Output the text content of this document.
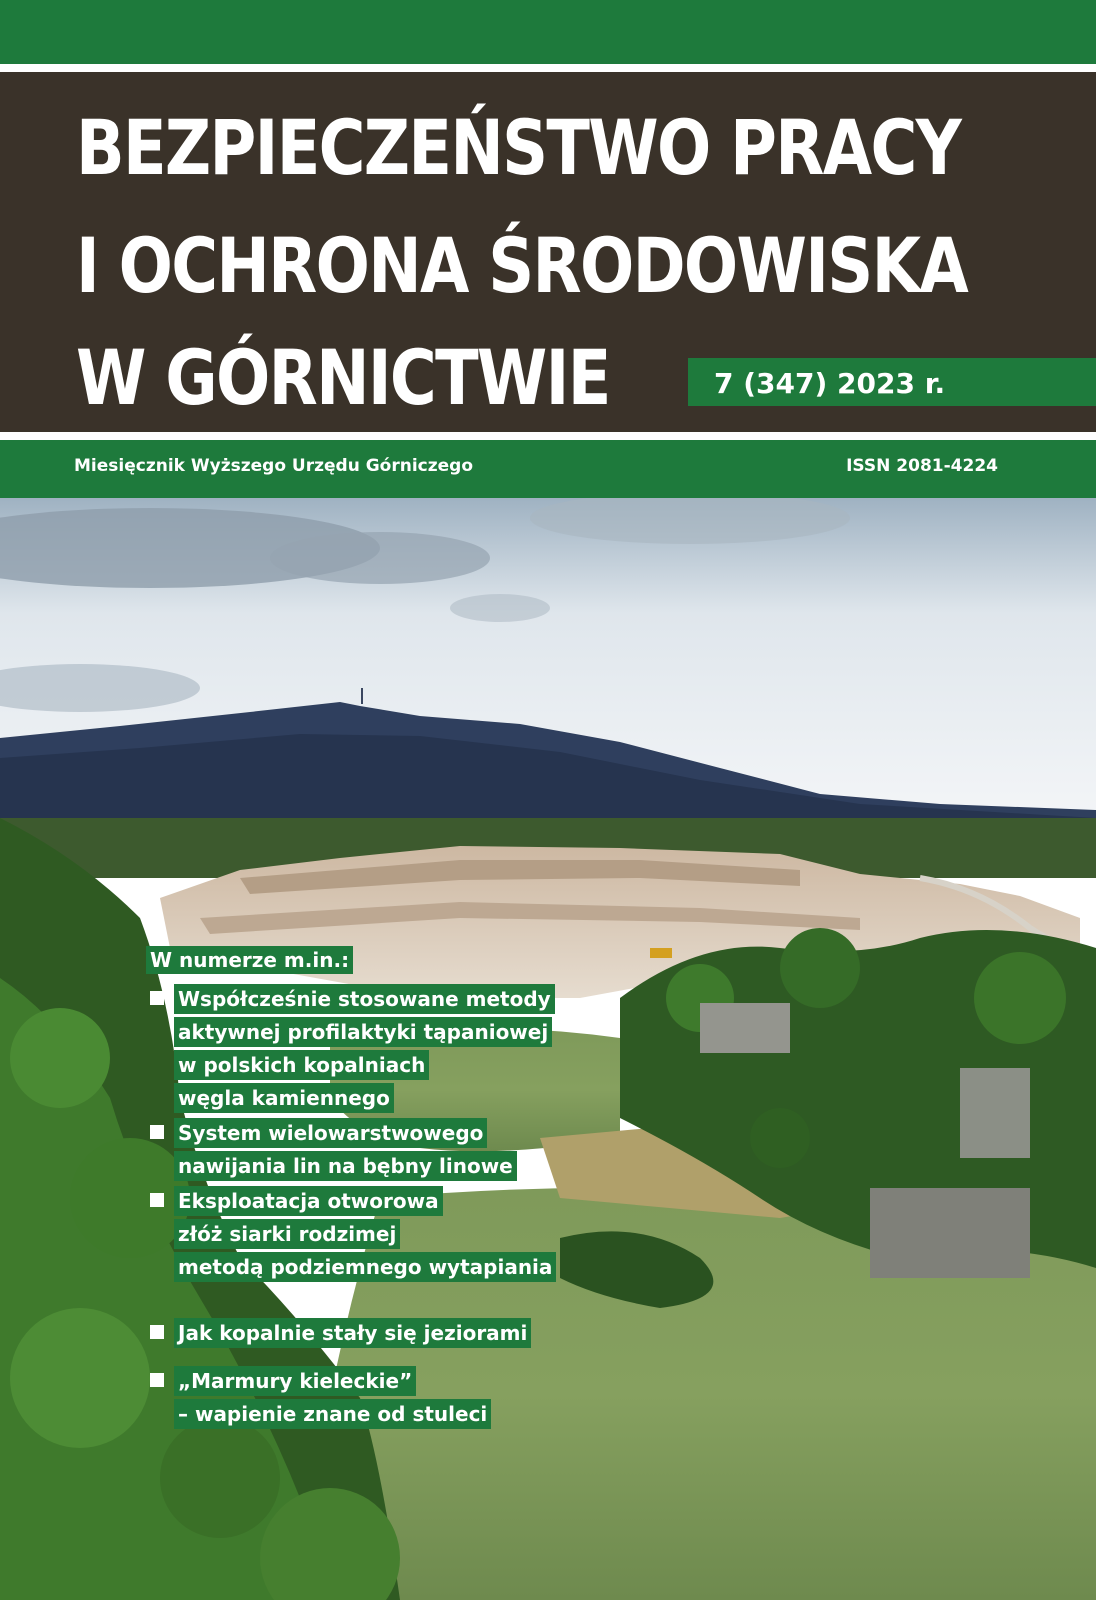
BEZPIECZEŃSTWO PRACY
I OCHRONA ŚRODOWISKA
W GÓRNICTWIE	7 (347) 2023 r.
Miesięcznik Wyższego Urzędu Górniczego	ISSN 2081-4224
W numerze m.in.:
Współcześnie stosowane metody
aktywnej profilaktyki tąpaniowej
w polskich kopalniach
węgla kamiennego
System wielowarstwowego
nawijania lin na bębny linowe
Eksploatacja otworowa
złóż siarki rodzimej
metodą podziemnego wytapiania
Jak kopalnie stały się jeziorami
„Marmury kieleckie”
– wapienie znane od stuleci
